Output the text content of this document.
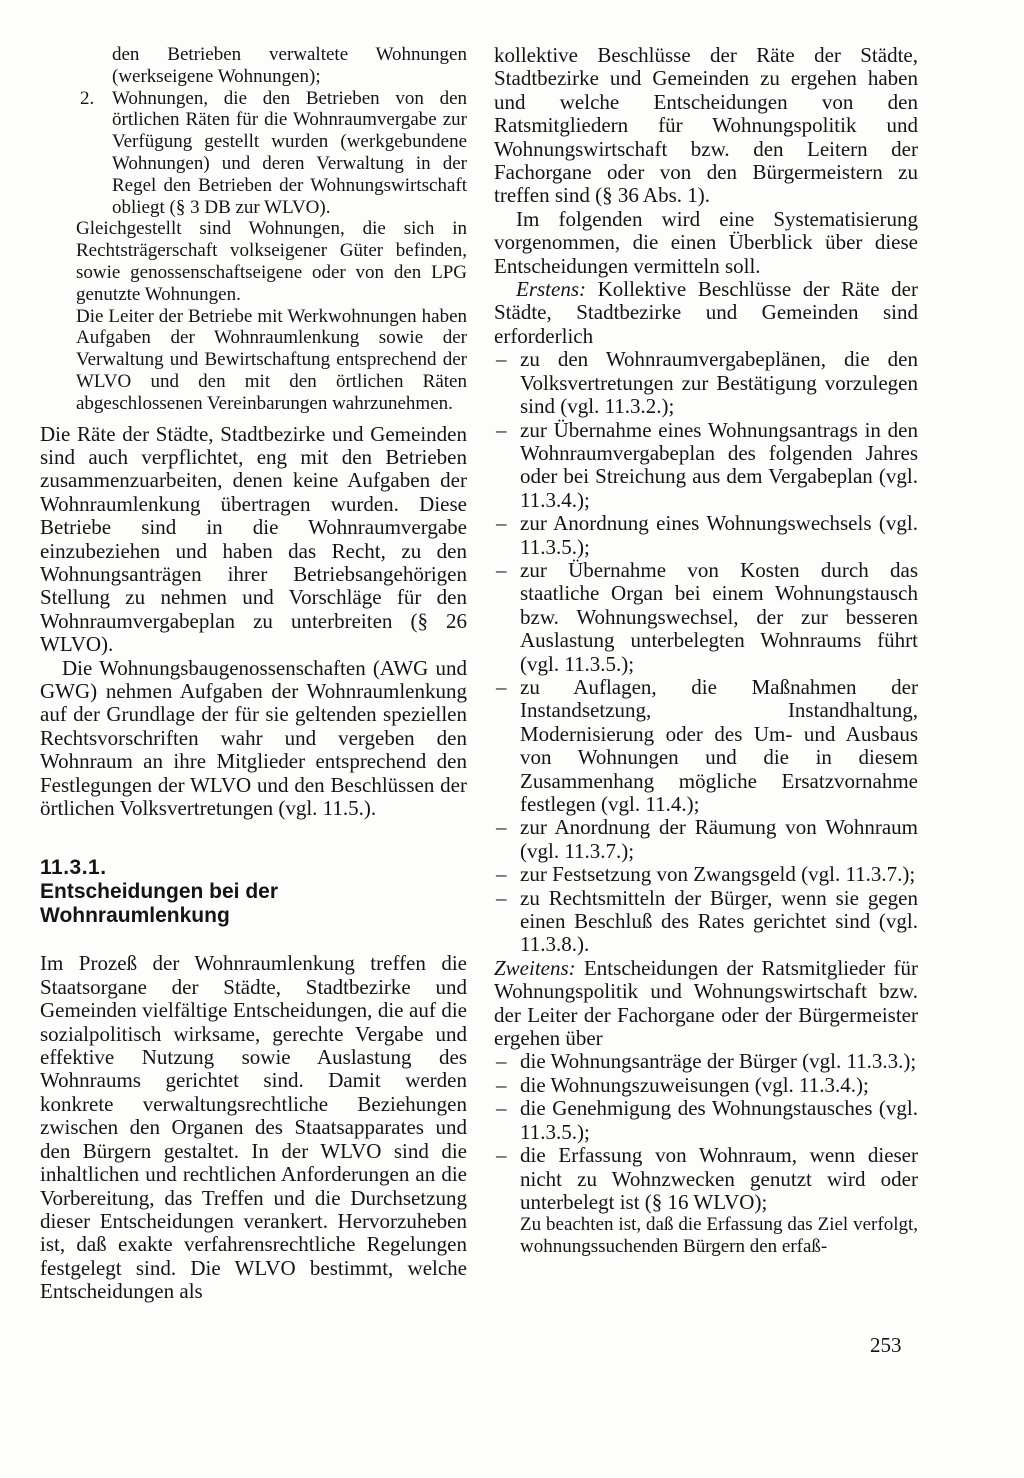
den Betrieben verwaltete Wohnungen (werkseigene Wohnungen);
2. Wohnungen, die den Betrieben von den örtlichen Räten für die Wohnraumvergabe zur Verfügung gestellt wurden (werkgebundene Wohnungen) und deren Verwaltung in der Regel den Betrieben der Wohnungswirtschaft obliegt (§ 3 DB zur WLVO).

Gleichgestellt sind Wohnungen, die sich in Rechtsträgerschaft volkseigener Güter befinden, sowie genossenschaftseigene oder von den LPG genutzte Wohnungen.

Die Leiter der Betriebe mit Werkwohnungen haben Aufgaben der Wohnraumlenkung sowie der Verwaltung und Bewirtschaftung entsprechend der WLVO und den mit den örtlichen Räten abgeschlossenen Vereinbarungen wahrzunehmen.

Die Räte der Städte, Stadtbezirke und Gemeinden sind auch verpflichtet, eng mit den Betrieben zusammenzuarbeiten, denen keine Aufgaben der Wohnraumlenkung übertragen wurden. Diese Betriebe sind in die Wohnraumvergabe einzubeziehen und haben das Recht, zu den Wohnungsanträgen ihrer Betriebsangehörigen Stellung zu nehmen und Vorschläge für den Wohnraumvergabeplan zu unterbreiten (§ 26 WLVO).

Die Wohnungsbaugenossenschaften (AWG und GWG) nehmen Aufgaben der Wohnraumlenkung auf der Grundlage der für sie geltenden speziellen Rechtsvorschriften wahr und vergeben den Wohnraum an ihre Mitglieder entsprechend den Festlegungen der WLVO und den Beschlüssen der örtlichen Volksvertretungen (vgl. 11.5.).

11.3.1.
Entscheidungen bei der Wohnraumlenkung

Im Prozeß der Wohnraumlenkung treffen die Staatsorgane der Städte, Stadtbezirke und Gemeinden vielfältige Entscheidungen, die auf die sozialpolitisch wirksame, gerechte Vergabe und effektive Nutzung sowie Auslastung des Wohnraums gerichtet sind. Damit werden konkrete verwaltungsrechtliche Beziehungen zwischen den Organen des Staatsapparates und den Bürgern gestaltet. In der WLVO sind die inhaltlichen und rechtlichen Anforderungen an die Vorbereitung, das Treffen und die Durchsetzung dieser Entscheidungen verankert. Hervorzuheben ist, daß exakte verfahrensrechtliche Regelungen festgelegt sind. Die WLVO bestimmt, welche Entscheidungen als

kollektive Beschlüsse der Räte der Städte, Stadtbezirke und Gemeinden zu ergehen haben und welche Entscheidungen von den Ratsmitgliedern für Wohnungspolitik und Wohnungswirtschaft bzw. den Leitern der Fachorgane oder von den Bürgermeistern zu treffen sind (§ 36 Abs. 1).

Im folgenden wird eine Systematisierung vorgenommen, die einen Überblick über diese Entscheidungen vermitteln soll.

Erstens: Kollektive Beschlüsse der Räte der Städte, Stadtbezirke und Gemeinden sind erforderlich

– zu den Wohnraumvergabeplänen, die den Volksvertretungen zur Bestätigung vorzulegen sind (vgl. 11.3.2.);
– zur Übernahme eines Wohnungsantrags in den Wohnraumvergabeplan des folgenden Jahres oder bei Streichung aus dem Vergabeplan (vgl. 11.3.4.);
– zur Anordnung eines Wohnungswechsels (vgl. 11.3.5.);
– zur Übernahme von Kosten durch das staatliche Organ bei einem Wohnungstausch bzw. Wohnungswechsel, der zur besseren Auslastung unterbelegten Wohnraums führt (vgl. 11.3.5.);
– zu Auflagen, die Maßnahmen der Instandsetzung, Instandhaltung, Modernisierung oder des Um- und Ausbaus von Wohnungen und die in diesem Zusammenhang mögliche Ersatzvornahme festlegen (vgl. 11.4.);
– zur Anordnung der Räumung von Wohnraum (vgl. 11.3.7.);
– zur Festsetzung von Zwangsgeld (vgl. 11.3.7.);
– zu Rechtsmitteln der Bürger, wenn sie gegen einen Beschluß des Rates gerichtet sind (vgl. 11.3.8.).

Zweitens: Entscheidungen der Ratsmitglieder für Wohnungspolitik und Wohnungswirtschaft bzw. der Leiter der Fachorgane oder der Bürgermeister ergehen über

– die Wohnungsanträge der Bürger (vgl. 11.3.3.);
– die Wohnungszuweisungen (vgl. 11.3.4.);
– die Genehmigung des Wohnungstausches (vgl. 11.3.5.);
– die Erfassung von Wohnraum, wenn dieser nicht zu Wohnzwecken genutzt wird oder unterbelegt ist (§ 16 WLVO);

Zu beachten ist, daß die Erfassung das Ziel verfolgt, wohnungssuchenden Bürgern den erfaß-

253
